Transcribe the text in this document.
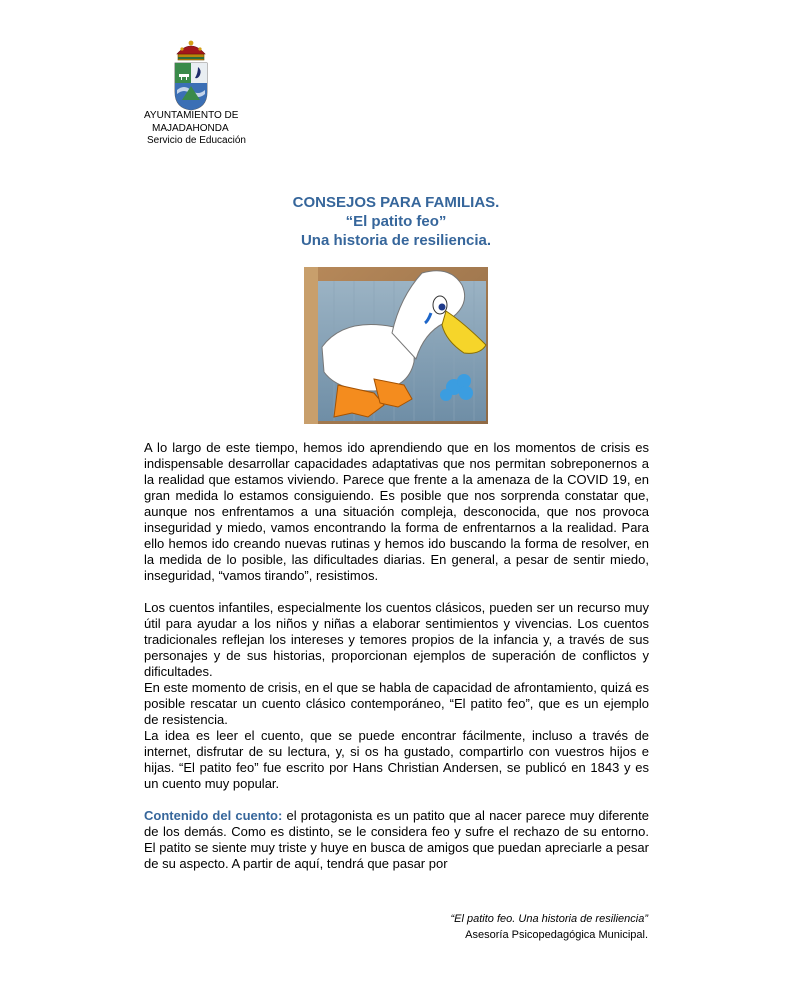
AYUNTAMIENTO DE
MAJADAHONDA
Servicio de Educación
CONSEJOS PARA FAMILIAS.
“El patito feo”
Una historia de resiliencia.

A lo largo de este tiempo, hemos ido aprendiendo que en los momentos de crisis es indispensable desarrollar capacidades adaptativas que nos permitan sobreponernos a la realidad que estamos viviendo. Parece que frente a la amenaza de la COVID 19, en gran medida lo estamos consiguiendo. Es posible que nos sorprenda constatar que, aunque nos enfrentamos a una situación compleja, desconocida, que nos provoca inseguridad y miedo, vamos encontrando la forma de enfrentarnos a la realidad. Para ello hemos ido creando nuevas rutinas y hemos ido buscando la forma de resolver, en la medida de lo posible, las dificultades diarias. En general, a pesar de sentir miedo, inseguridad, “vamos tirando”, resistimos.

Los cuentos infantiles, especialmente los cuentos clásicos, pueden ser un recurso muy útil para ayudar a los niños y niñas a elaborar sentimientos y vivencias. Los cuentos tradicionales reflejan los intereses y temores propios de la infancia y, a través de sus personajes y de sus historias, proporcionan ejemplos de superación de conflictos y dificultades.

En este momento de crisis, en el que se habla de capacidad de afrontamiento, quizá es posible rescatar un cuento clásico contemporáneo, “El patito feo”, que es un ejemplo de resistencia.

La idea es leer el cuento, que se puede encontrar fácilmente, incluso a través de internet, disfrutar de su lectura, y, si os ha gustado, compartirlo con vuestros hijos e hijas. “El patito feo” fue escrito por Hans Christian Andersen, se publicó en 1843 y es un cuento muy popular.

Contenido del cuento: el protagonista es un patito que al nacer parece muy diferente de los demás. Como es distinto, se le considera feo y sufre el rechazo de su entorno. El patito se siente muy triste y huye en busca de amigos que puedan apreciarle a pesar de su aspecto. A partir de aquí, tendrá que pasar por

“El patito feo. Una historia de resiliencia”
Asesoría Psicopedagógica Municipal.
